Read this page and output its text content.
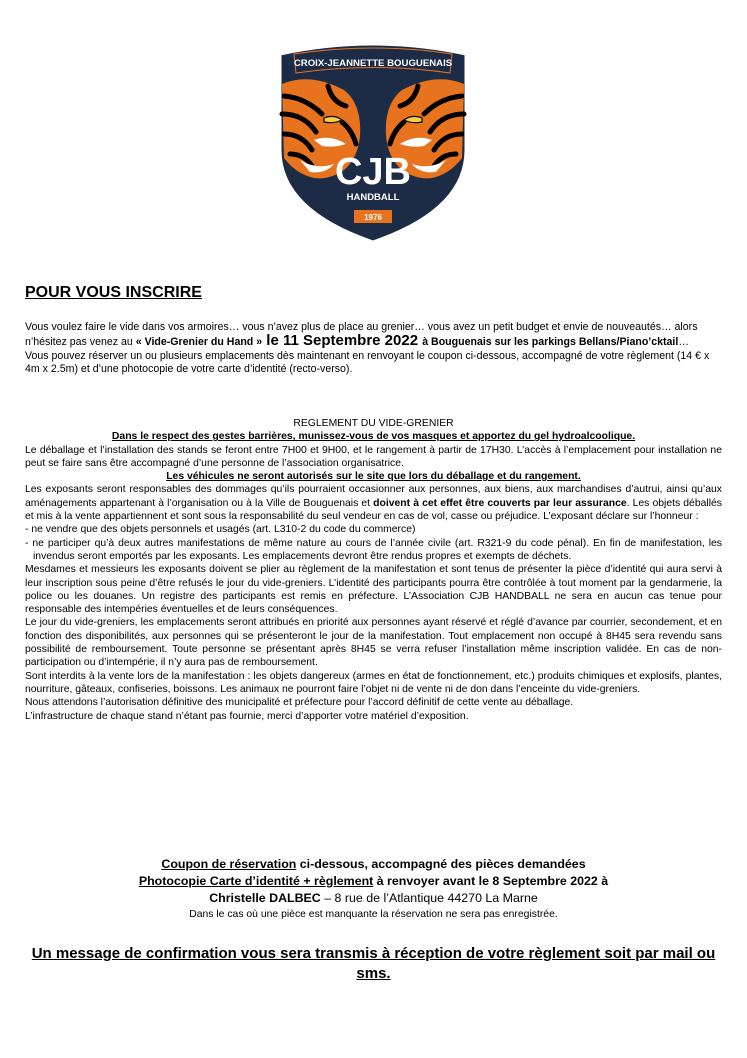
CROIX-JEANNETTE BOUGUENAIS
CJB
HANDBALL
1976
POUR VOUS INSCRIRE

Vous voulez faire le vide dans vos armoires… vous n’avez plus de place au grenier… vous avez un petit budget et envie de nouveautés… alors n’hésitez pas venez au « Vide-Grenier du Hand » le 11 Septembre 2022 à Bouguenais sur les parkings Bellans/Piano’cktail…

Vous pouvez réserver un ou plusieurs emplacements dès maintenant en renvoyant le coupon ci-dessous, accompagné de votre règlement (14 € x 4m x 2.5m) et d’une photocopie de votre carte d’identité (recto-verso).

REGLEMENT DU VIDE-GRENIER

Dans le respect des gestes barrières, munissez-vous de vos masques et apportez du gel hydroalcoolique.

Le déballage et l’installation des stands se feront entre 7H00 et 9H00, et le rangement à partir de 17H30. L’accès à l’emplacement pour installation ne peut se faire sans être accompagné d’une personne de l’association organisatrice.

Les véhicules ne seront autorisés sur le site que lors du déballage et du rangement.

Les exposants seront responsables des dommages qu’ils pourraient occasionner aux personnes, aux biens, aux marchandises d’autrui, ainsi qu’aux aménagements appartenant à l’organisation ou à la Ville de Bouguenais et doivent à cet effet être couverts par leur assurance. Les objets déballés et mis à la vente appartiennent et sont sous la responsabilité du seul vendeur en cas de vol, casse ou préjudice. L’exposant déclare sur l’honneur :

- ne vendre que des objets personnels et usagés (art. L310-2 du code du commerce)

- ne participer qu’à deux autres manifestations de même nature au cours de l’année civile (art. R321-9 du code pénal). En fin de manifestation, les invendus seront emportés par les exposants. Les emplacements devront être rendus propres et exempts de déchets.

Mesdames et messieurs les exposants doivent se plier au règlement de la manifestation et sont tenus de présenter la pièce d’identité qui aura servi à leur inscription sous peine d’être refusés le jour du vide-greniers. L’identité des participants pourra être contrôlée à tout moment par la gendarmerie, la police ou les douanes. Un registre des participants est remis en préfecture. L’Association CJB HANDBALL ne sera en aucun cas tenue pour responsable des intempéries éventuelles et de leurs conséquences.

Le jour du vide-greniers, les emplacements seront attribués en priorité aux personnes ayant réservé et réglé d’avance par courrier, secondement, et en fonction des disponibilités, aux personnes qui se présenteront le jour de la manifestation. Tout emplacement non occupé à 8H45 sera revendu sans possibilité de remboursement. Toute personne se présentant après 8H45 se verra refuser l’installation même inscription validée. En cas de non-participation ou d’intempérie, il n’y aura pas de remboursement.

Sont interdits à la vente lors de la manifestation : les objets dangereux (armes en état de fonctionnement, etc.) produits chimiques et explosifs, plantes, nourriture, gâteaux, confiseries, boissons. Les animaux ne pourront faire l’objet ni de vente ni de don dans l’enceinte du vide-greniers.

Nous attendons l’autorisation définitive des municipalité et préfecture pour l’accord définitif de cette vente au déballage.

L’infrastructure de chaque stand n’étant pas fournie, merci d’apporter votre matériel d’exposition.

Coupon de réservation ci-dessous, accompagné des pièces demandées

Photocopie Carte d’identité + règlement à renvoyer avant le 8 Septembre 2022 à

Christelle DALBEC – 8 rue de l’Atlantique 44270 La Marne

Dans le cas où une pièce est manquante la réservation ne sera pas enregistrée.

Un message de confirmation vous sera transmis à réception de votre règlement soit par mail ou sms.
